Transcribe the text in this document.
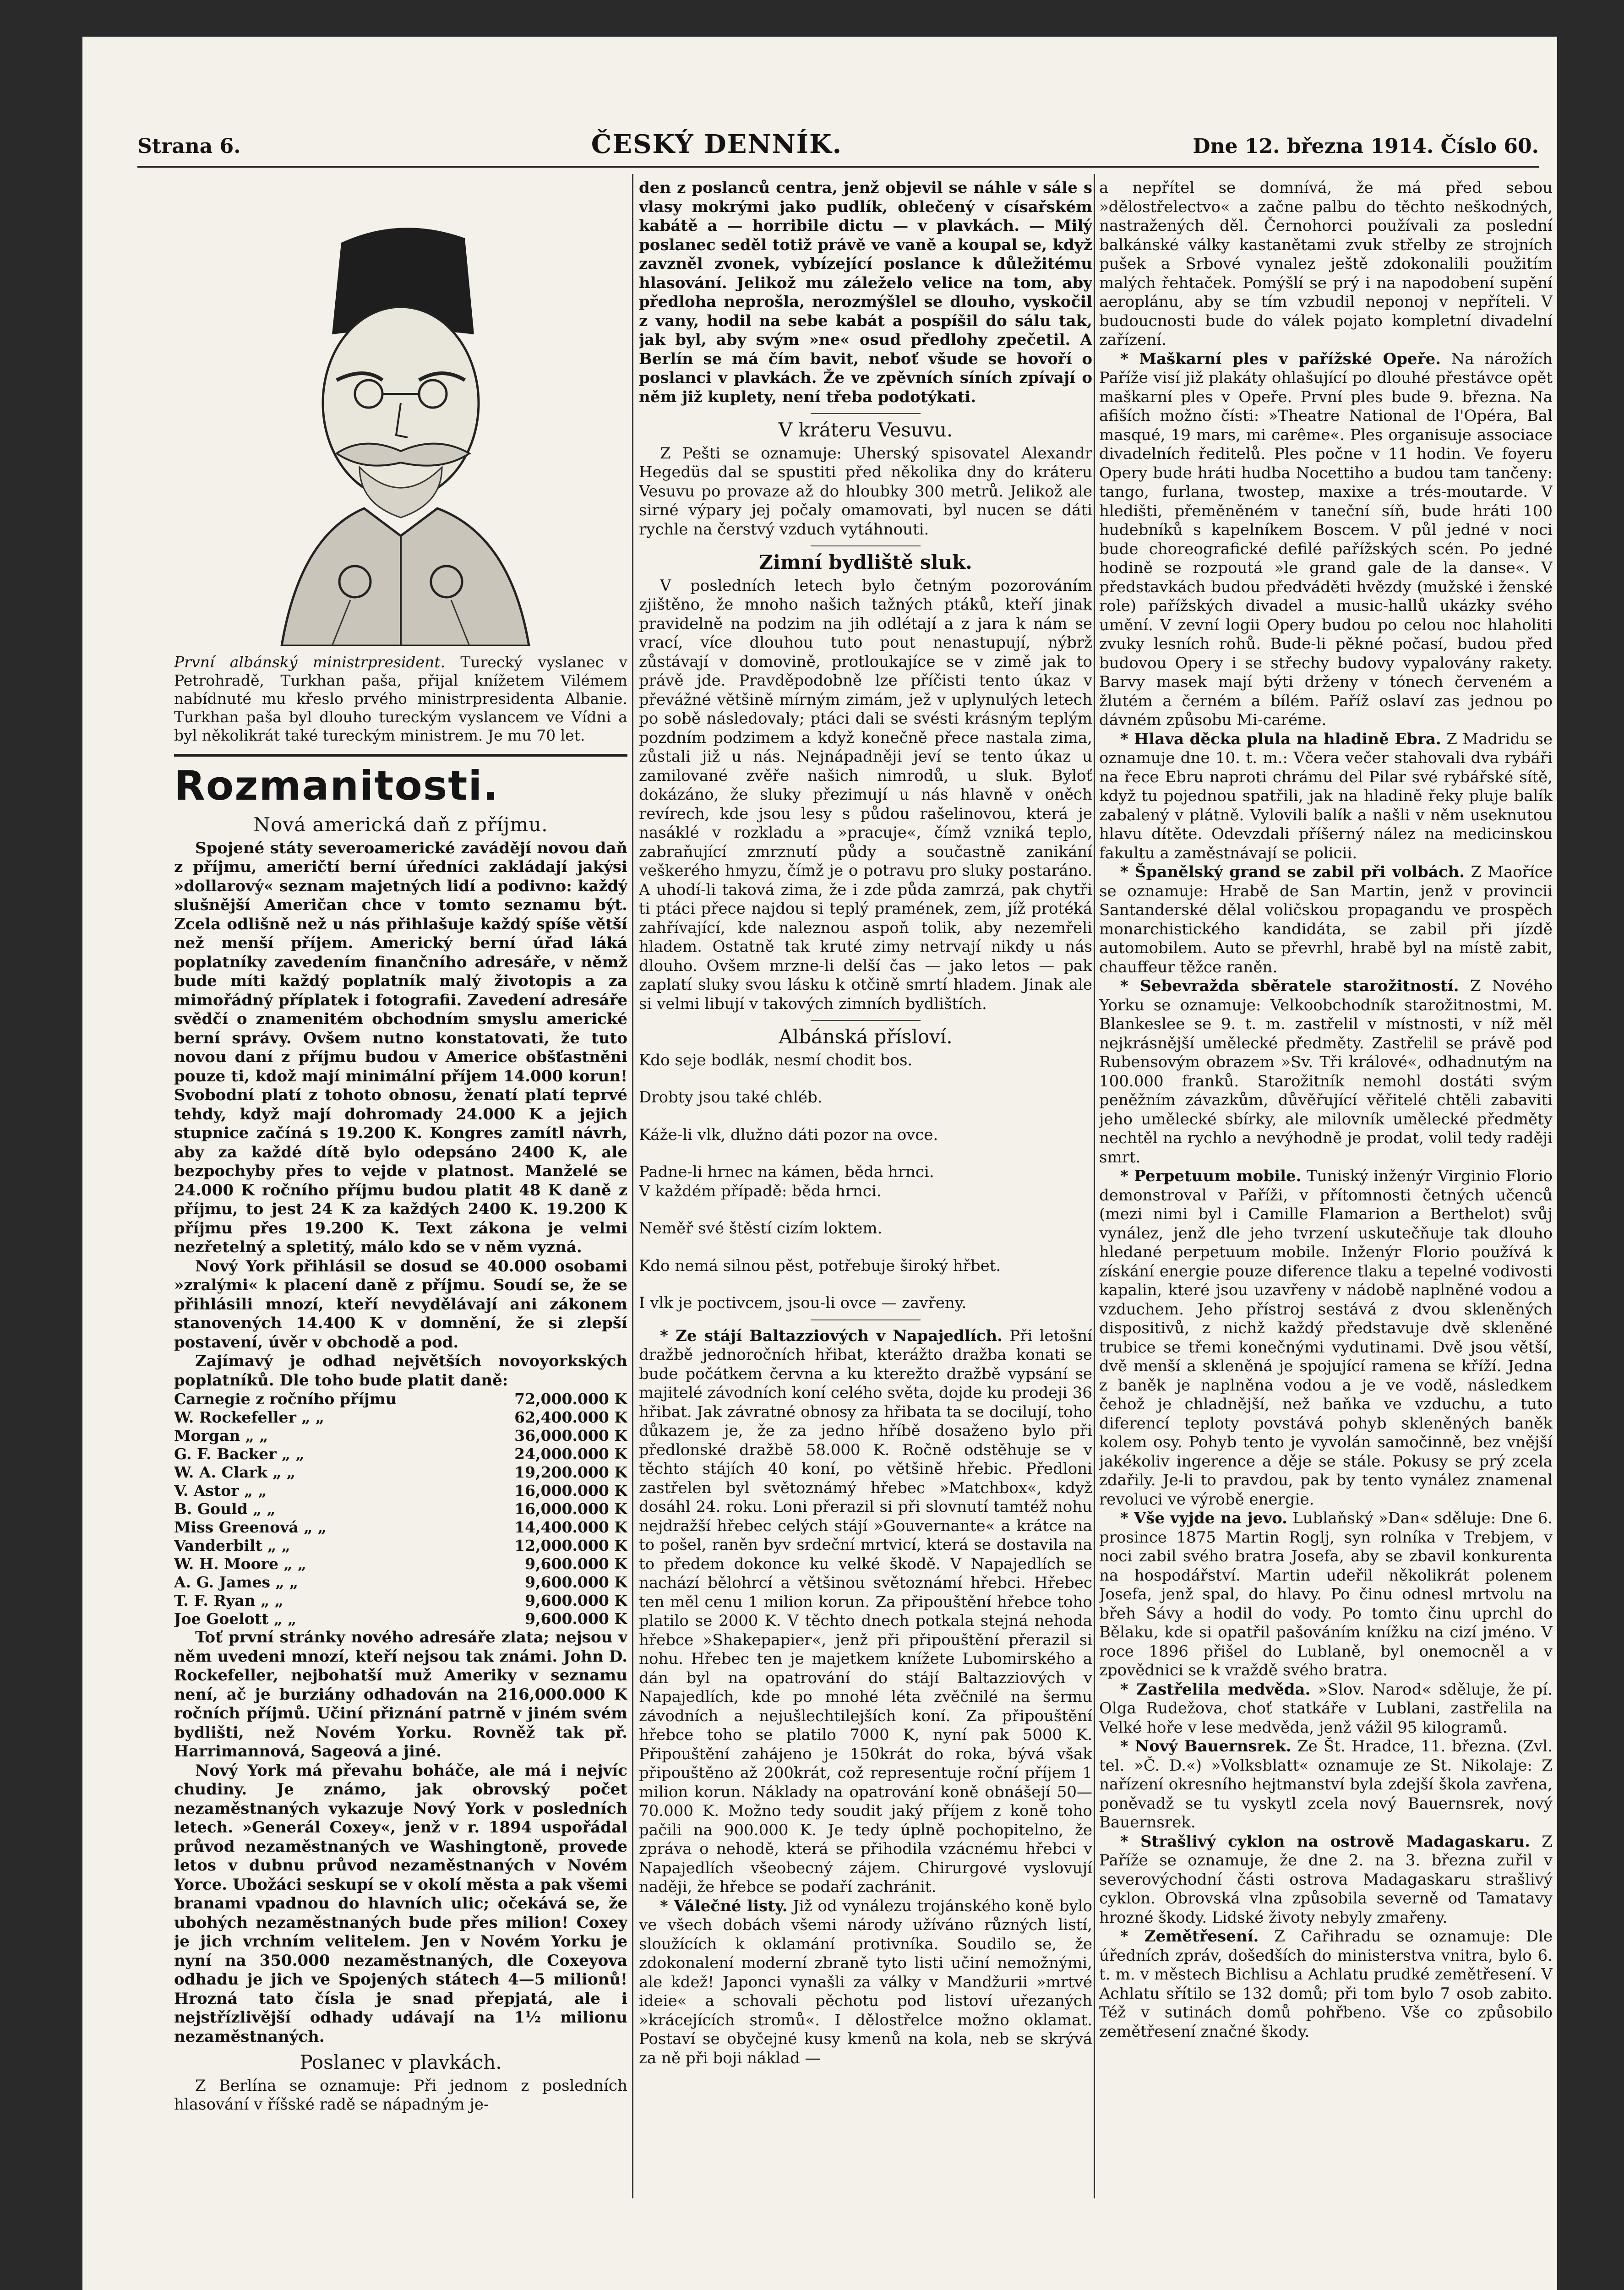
Strana 6.	ČESKÝ DENNÍK.	Dne 12. března 1914. Číslo 60.

První albánský ministrpresident. Turecký vyslanec v Petrohradě, Turkhan paša, přijal knížetem Vilémem nabídnuté mu křeslo prvého ministrpresidenta Albanie. Turkhan paša byl dlouho tureckým vyslancem ve Vídni a byl několikrát také tureckým ministrem. Je mu 70 let.

Rozmanitosti.
Nová americká daň z příjmu.

Spojené státy severoamerické zavádějí novou daň z příjmu, američtí berní úředníci zakládají jakýsi »dollarový« seznam majetných lidí a podivno: každý slušnější Američan chce v tomto seznamu být. Zcela odlišně než u nás přihlašuje každý spíše větší než menší příjem. Americký berní úřad láká poplatníky zavedením finančního adresáře, v němž bude míti každý poplatník malý životopis a za mimořádný příplatek i fotografii. Zavedení adresáře svědčí o znamenitém obchodním smyslu americké berní správy. Ovšem nutno konstatovati, že tuto novou daní z příjmu budou v Americe obšťastněni pouze ti, kdož mají minimální příjem 14.000 korun! Svobodní platí z tohoto obnosu, ženatí platí teprvé tehdy, když mají dohromady 24.000 K a jejich stupnice začíná s 19.200 K. Kongres zamítl návrh, aby za každé dítě bylo odepsáno 2400 K, ale bezpochyby přes to vejde v platnost. Manželé se 24.000 K ročního příjmu budou platit 48 K daně z příjmu, to jest 24 K za každých 2400 K. 19.200 K příjmu přes 19.200 K. Text zákona je velmi nezřetelný a spletitý, málo kdo se v něm vyzná.

Nový York přihlásil se dosud se 40.000 osobami »zralými« k placení daně z příjmu. Soudí se, že se přihlásili mnozí, kteří nevydělávají ani zákonem stanovených 14.400 K v domnění, že si zlepší postavení, úvěr v obchodě a pod.

Zajímavý je odhad největších novoyorkských poplatníků. Dle toho bude platit daně:

Carnegie z ročního příjmu	72,000.000 K
W. Rockefeller „ „	62,400.000 K
Morgan „ „	36,000.000 K
G. F. Backer „ „	24,000.000 K
W. A. Clark „ „	19,200.000 K
V. Astor „ „	16,000.000 K
B. Gould „ „	16,000.000 K
Miss Greenová „ „	14,400.000 K
Vanderbilt „ „	12,000.000 K
W. H. Moore „ „	9,600.000 K
A. G. James „ „	9,600.000 K
T. F. Ryan „ „	9,600.000 K
Joe Goelott „ „	9,600.000 K

Toť první stránky nového adresáře zlata; nejsou v něm uvedeni mnozí, kteří nejsou tak známi. John D. Rockefeller, nejbohatší muž Ameriky v seznamu není, ač je burziány odhadován na 216,000.000 K ročních příjmů. Učiní přiznání patrně v jiném svém bydlišti, než Novém Yorku. Rovněž tak př. Harrimannová, Sageová a jiné.

Nový York má převahu boháče, ale má i nejvíc chudiny. Je známo, jak obrovský počet nezaměstnaných vykazuje Nový York v posledních letech. »Generál Coxey«, jenž v r. 1894 uspořádal průvod nezaměstnaných ve Washingtoně, provede letos v dubnu průvod nezaměstnaných v Novém Yorce. Ubožáci seskupí se v okolí města a pak všemi branami vpadnou do hlavních ulic; očekává se, že ubohých nezaměstnaných bude přes milion! Coxey je jich vrchním velitelem. Jen v Novém Yorku je nyní na 350.000 nezaměstnaných, dle Coxeyova odhadu je jich ve Spojených státech 4—5 milionů! Hrozná tato čísla je snad přepjatá, ale i nejstřízlivější odhady udávají na 1½ milionu nezaměstnaných.

Poslanec v plavkách.

Z Berlína se oznamuje: Při jednom z posledních hlasování v říšské radě se nápadným je-

den z poslanců centra, jenž objevil se náhle v sále s vlasy mokrými jako pudlík, oblečený v císařském kabátě a — horribile dictu — v plavkách. — Milý poslanec seděl totiž právě ve vaně a koupal se, když zavzněl zvonek, vybízející poslance k důležitému hlasování. Jelikož mu záleželo velice na tom, aby předloha neprošla, nerozmýšlel se dlouho, vyskočil z vany, hodil na sebe kabát a pospíšil do sálu tak, jak byl, aby svým »ne« osud předlohy zpečetil. A Berlín se má čím bavit, neboť všude se hovoří o poslanci v plavkách. Že ve zpěvních síních zpívají o něm již kuplety, není třeba podotýkati.

V kráteru Vesuvu.

Z Pešti se oznamuje: Uherský spisovatel Alexandr Hegedüs dal se spustiti před několika dny do kráteru Vesuvu po provaze až do hloubky 300 metrů. Jelikož ale sirné výpary jej počaly omamovati, byl nucen se dáti rychle na čerstvý vzduch vytáhnouti.

Zimní bydliště sluk.

V posledních letech bylo četným pozorováním zjištěno, že mnoho našich tažných ptáků, kteří jinak pravidelně na podzim na jih odlétají a z jara k nám se vrací, více dlouhou tuto pout nenastupují, nýbrž zůstávají v domovině, protloukajíce se v zimě jak to právě jde. Pravděpodobně lze příčisti tento úkaz v převážné většině mírným zimám, jež v uplynulých letech po sobě následovaly; ptáci dali se svésti krásným teplým pozdním podzimem a když konečně přece nastala zima, zůstali již u nás. Nejnápadněji jeví se tento úkaz u zamilované zvěře našich nimrodů, u sluk. Byloť dokázáno, že sluky přezimují u nás hlavně v oněch revírech, kde jsou lesy s půdou rašelinovou, která je nasáklé v rozkladu a »pracuje«, čímž vzniká teplo, zabraňující zmrznutí půdy a součastně zanikání veškerého hmyzu, čímž je o potravu pro sluky postaráno. A uhodí-li taková zima, že i zde půda zamrzá, pak chytři ti ptáci přece najdou si teplý pramének, zem, jíž protéká zahřívající, kde naleznou aspoň tolik, aby nezemřeli hladem. Ostatně tak kruté zimy netrvají nikdy u nás dlouho. Ovšem mrzne-li delší čas — jako letos — pak zaplatí sluky svou lásku k otčině smrtí hladem. Jinak ale si velmi libují v takových zimních bydlištích.

Albánská přísloví.

Kdo seje bodlák, nesmí chodit bos.

Drobty jsou také chléb.

Káže-li vlk, dlužno dáti pozor na ovce.

Padne-li hrnec na kámen, běda hrnci.

V každém případě: běda hrnci.

Neměř své štěstí cizím loktem.

Kdo nemá silnou pěst, potřebuje široký hřbet.

I vlk je poctivcem, jsou-li ovce — zavřeny.

* Ze stájí Baltazziových v Napajedlích. Při letošní dražbě jednoročních hřibat, kterážto dražba konati se bude počátkem června a ku kterežto dražbě vypsání se majitelé závodních koní celého světa, dojde ku prodeji 36 hřibat. Jak závratné obnosy za hřibata ta se docilují, toho důkazem je, že za jedno hříbě dosaženo bylo při předlonské dražbě 58.000 K. Ročně odstěhuje se v těchto stájích 40 koní, po většině hřebic. Předloni zastřelen byl světoznámý hřebec »Matchbox«, když dosáhl 24. roku. Loni přerazil si při slovnutí tamtéž nohu nejdražší hřebec celých stájí »Gouvernante« a krátce na to pošel, raněn byv srdeční mrtvicí, která se dostavila na to předem dokonce ku velké škodě. V Napajedlích se nachází bělohrcí a většinou světoznámí hřebci. Hřebec ten měl cenu 1 milion korun. Za připouštění hřebce toho platilo se 2000 K. V těchto dnech potkala stejná nehoda hřebce »Shakepapier«, jenž při připouštění přerazil si nohu. Hřebec ten je majetkem knížete Lubomirského a dán byl na opatrování do stájí Baltazziových v Napajedlích, kde po mnohé léta zvěčnilé na šermu závodních a nejušlechtilejších koní. Za připouštění hřebce toho se platilo 7000 K, nyní pak 5000 K. Připouštění zahájeno je 150krát do roka, bývá však připouštěno až 200krát, což representuje roční příjem 1 milion korun. Náklady na opatrování koně obnášejí 50—70.000 K. Možno tedy soudit jaký příjem z koně toho pačili na 900.000 K. Je tedy úplně pochopitelno, že zpráva o nehodě, která se přihodila vzácnému hřebci v Napajedlích všeobecný zájem. Chirurgové vyslovují naději, že hřebce se podaří zachránit.

* Válečné listy. Již od vynálezu trojánského koně bylo ve všech dobách všemi národy užíváno různých listí, sloužících k oklamání protivníka. Soudilo se, že zdokonalení moderní zbraně tyto listi učiní nemožnými, ale kdež! Japonci vynašli za války v Mandžurii »mrtvé ideie« a schovali pěchotu pod listoví uřezaných »krácejících stromů«. I dělostřelce možno oklamat. Postaví se obyčejné kusy kmenů na kola, neb se skrývá za ně při boji náklad —

a nepřítel se domnívá, že má před sebou »dělostřelectvo« a začne palbu do těchto neškodných, nastražených děl. Černohorci používali za poslední balkánské války kastanětami zvuk střelby ze strojních pušek a Srbové vynalez ještě zdokonalili použitím malých řehtaček. Pomýšlí se prý i na napodobení supění aeroplánu, aby se tím vzbudil neponoj v nepříteli. V budoucnosti bude do válek pojato kompletní divadelní zařízení.

* Maškarní ples v pařížské Opeře. Na nárožích Paříže visí již plakáty ohlašující po dlouhé přestávce opět maškarní ples v Opeře. První ples bude 9. března. Na afiších možno čísti: »Theatre National de l'Opéra, Bal masqué, 19 mars, mi carême«. Ples organisuje associace divadelních ředitelů. Ples počne v 11 hodin. Ve foyeru Opery bude hráti hudba Nocettiho a budou tam tančeny: tango, furlana, twostep, maxixe a trés-moutarde. V hledišti, přeměněném v taneční síň, bude hráti 100 hudebníků s kapelníkem Boscem. V půl jedné v noci bude choreografické defilé pařížských scén. Po jedné hodině se rozpoutá »le grand gale de la danse«. V představkách budou předváděti hvězdy (mužské i ženské role) pařížských divadel a music-hallů ukázky svého umění. V zevní logii Opery budou po celou noc hlaholiti zvuky lesních rohů. Bude-li pěkné počasí, budou před budovou Opery i se střechy budovy vypalovány rakety. Barvy masek mají býti drženy v tónech červeném a žlutém a černém a bílém. Paříž oslaví zas jednou po dávném způsobu Mi-caréme.

* Hlava děcka plula na hladině Ebra. Z Madridu se oznamuje dne 10. t. m.: Včera večer stahovali dva rybáři na řece Ebru naproti chrámu del Pilar své rybářské sítě, když tu pojednou spatřili, jak na hladině řeky pluje balík zabalený v plátně. Vylovili balík a našli v něm useknutou hlavu dítěte. Odevzdali příšerný nález na medicinskou fakultu a zaměstnávají se policii.

* Španělský grand se zabil při volbách. Z Maoříce se oznamuje: Hrabě de San Martin, jenž v provincii Santanderské dělal voličskou propagandu ve prospěch monarchistického kandidáta, se zabil při jízdě automobilem. Auto se převrhl, hrabě byl na místě zabit, chauffeur těžce raněn.

* Sebevražda sběratele starožitností. Z Nového Yorku se oznamuje: Velkoobchodník starožitnostmi, M. Blankeslee se 9. t. m. zastřelil v místnosti, v níž měl nejkrásnější umělecké předměty. Zastřelil se právě pod Rubensovým obrazem »Sv. Tři králové«, odhadnutým na 100.000 franků. Starožitník nemohl dostáti svým peněžním závazkům, důvěřující věřitelé chtěli zabaviti jeho umělecké sbírky, ale milovník umělecké předměty nechtěl na rychlo a nevýhodně je prodat, volil tedy raději smrt.

* Perpetuum mobile. Tuniský inženýr Virginio Florio demonstroval v Paříži, v přítomnosti četných učenců (mezi nimi byl i Camille Flamarion a Berthelot) svůj vynález, jenž dle jeho tvrzení uskutečňuje tak dlouho hledané perpetuum mobile. Inženýr Florio používá k získání energie pouze diference tlaku a tepelné vodivosti kapalin, které jsou uzavřeny v nádobě naplněné vodou a vzduchem. Jeho přístroj sestává z dvou skleněných dispositivů, z nichž každý představuje dvě skleněné trubice se třemi konečnými vydutinami. Dvě jsou větší, dvě menší a skleněná je spojující ramena se kříží. Jedna z baněk je naplněna vodou a je ve vodě, následkem čehož je chladnější, než baňka ve vzduchu, a tuto diferencí teploty povstává pohyb skleněných baněk kolem osy. Pohyb tento je vyvolán samočinně, bez vnější jakékoliv ingerence a děje se stále. Pokusy se prý zcela zdařily. Je-li to pravdou, pak by tento vynález znamenal revoluci ve výrobě energie.

* Vše vyjde na jevo. Lublaňský »Dan« sděluje: Dne 6. prosince 1875 Martin Roglj, syn rolníka v Trebjem, v noci zabil svého bratra Josefa, aby se zbavil konkurenta na hospodářství. Martin udeřil několikrát polenem Josefa, jenž spal, do hlavy. Po činu odnesl mrtvolu na břeh Sávy a hodil do vody. Po tomto činu uprchl do Bělaku, kde si opatřil pašováním knížku na cizí jméno. V roce 1896 přišel do Lublaně, byl onemocněl a v zpovědnici se k vraždě svého bratra.

* Zastřelila medvěda. »Slov. Narod« sděluje, že pí. Olga Rudežova, choť statkáře v Lublani, zastřelila na Velké hoře v lese medvěda, jenž vážil 95 kilogramů.

* Nový Bauernsrek. Ze Št. Hradce, 11. března. (Zvl. tel. »Č. D.«) »Volksblatt« oznamuje ze St. Nikolaje: Z nařízení okresního hejtmanství byla zdejší škola zavřena, poněvadž se tu vyskytl zcela nový Bauernsrek, nový Bauernsrek.

* Strašlivý cyklon na ostrově Madagaskaru. Z Paříže se oznamuje, že dne 2. na 3. března zuřil v severovýchodní části ostrova Madagaskaru strašlivý cyklon. Obrovská vlna způsobila severně od Tamatavy hrozné škody. Lidské životy nebyly zmařeny.

* Zemětřesení. Z Cařihradu se oznamuje: Dle úředních zpráv, došedších do ministerstva vnitra, bylo 6. t. m. v městech Bichlisu a Achlatu prudké zemětřesení. V Achlatu sřítilo se 132 domů; při tom bylo 7 osob zabito. Též v sutinách domů pohřbeno. Vše co způsobilo zemětřesení značné škody.
